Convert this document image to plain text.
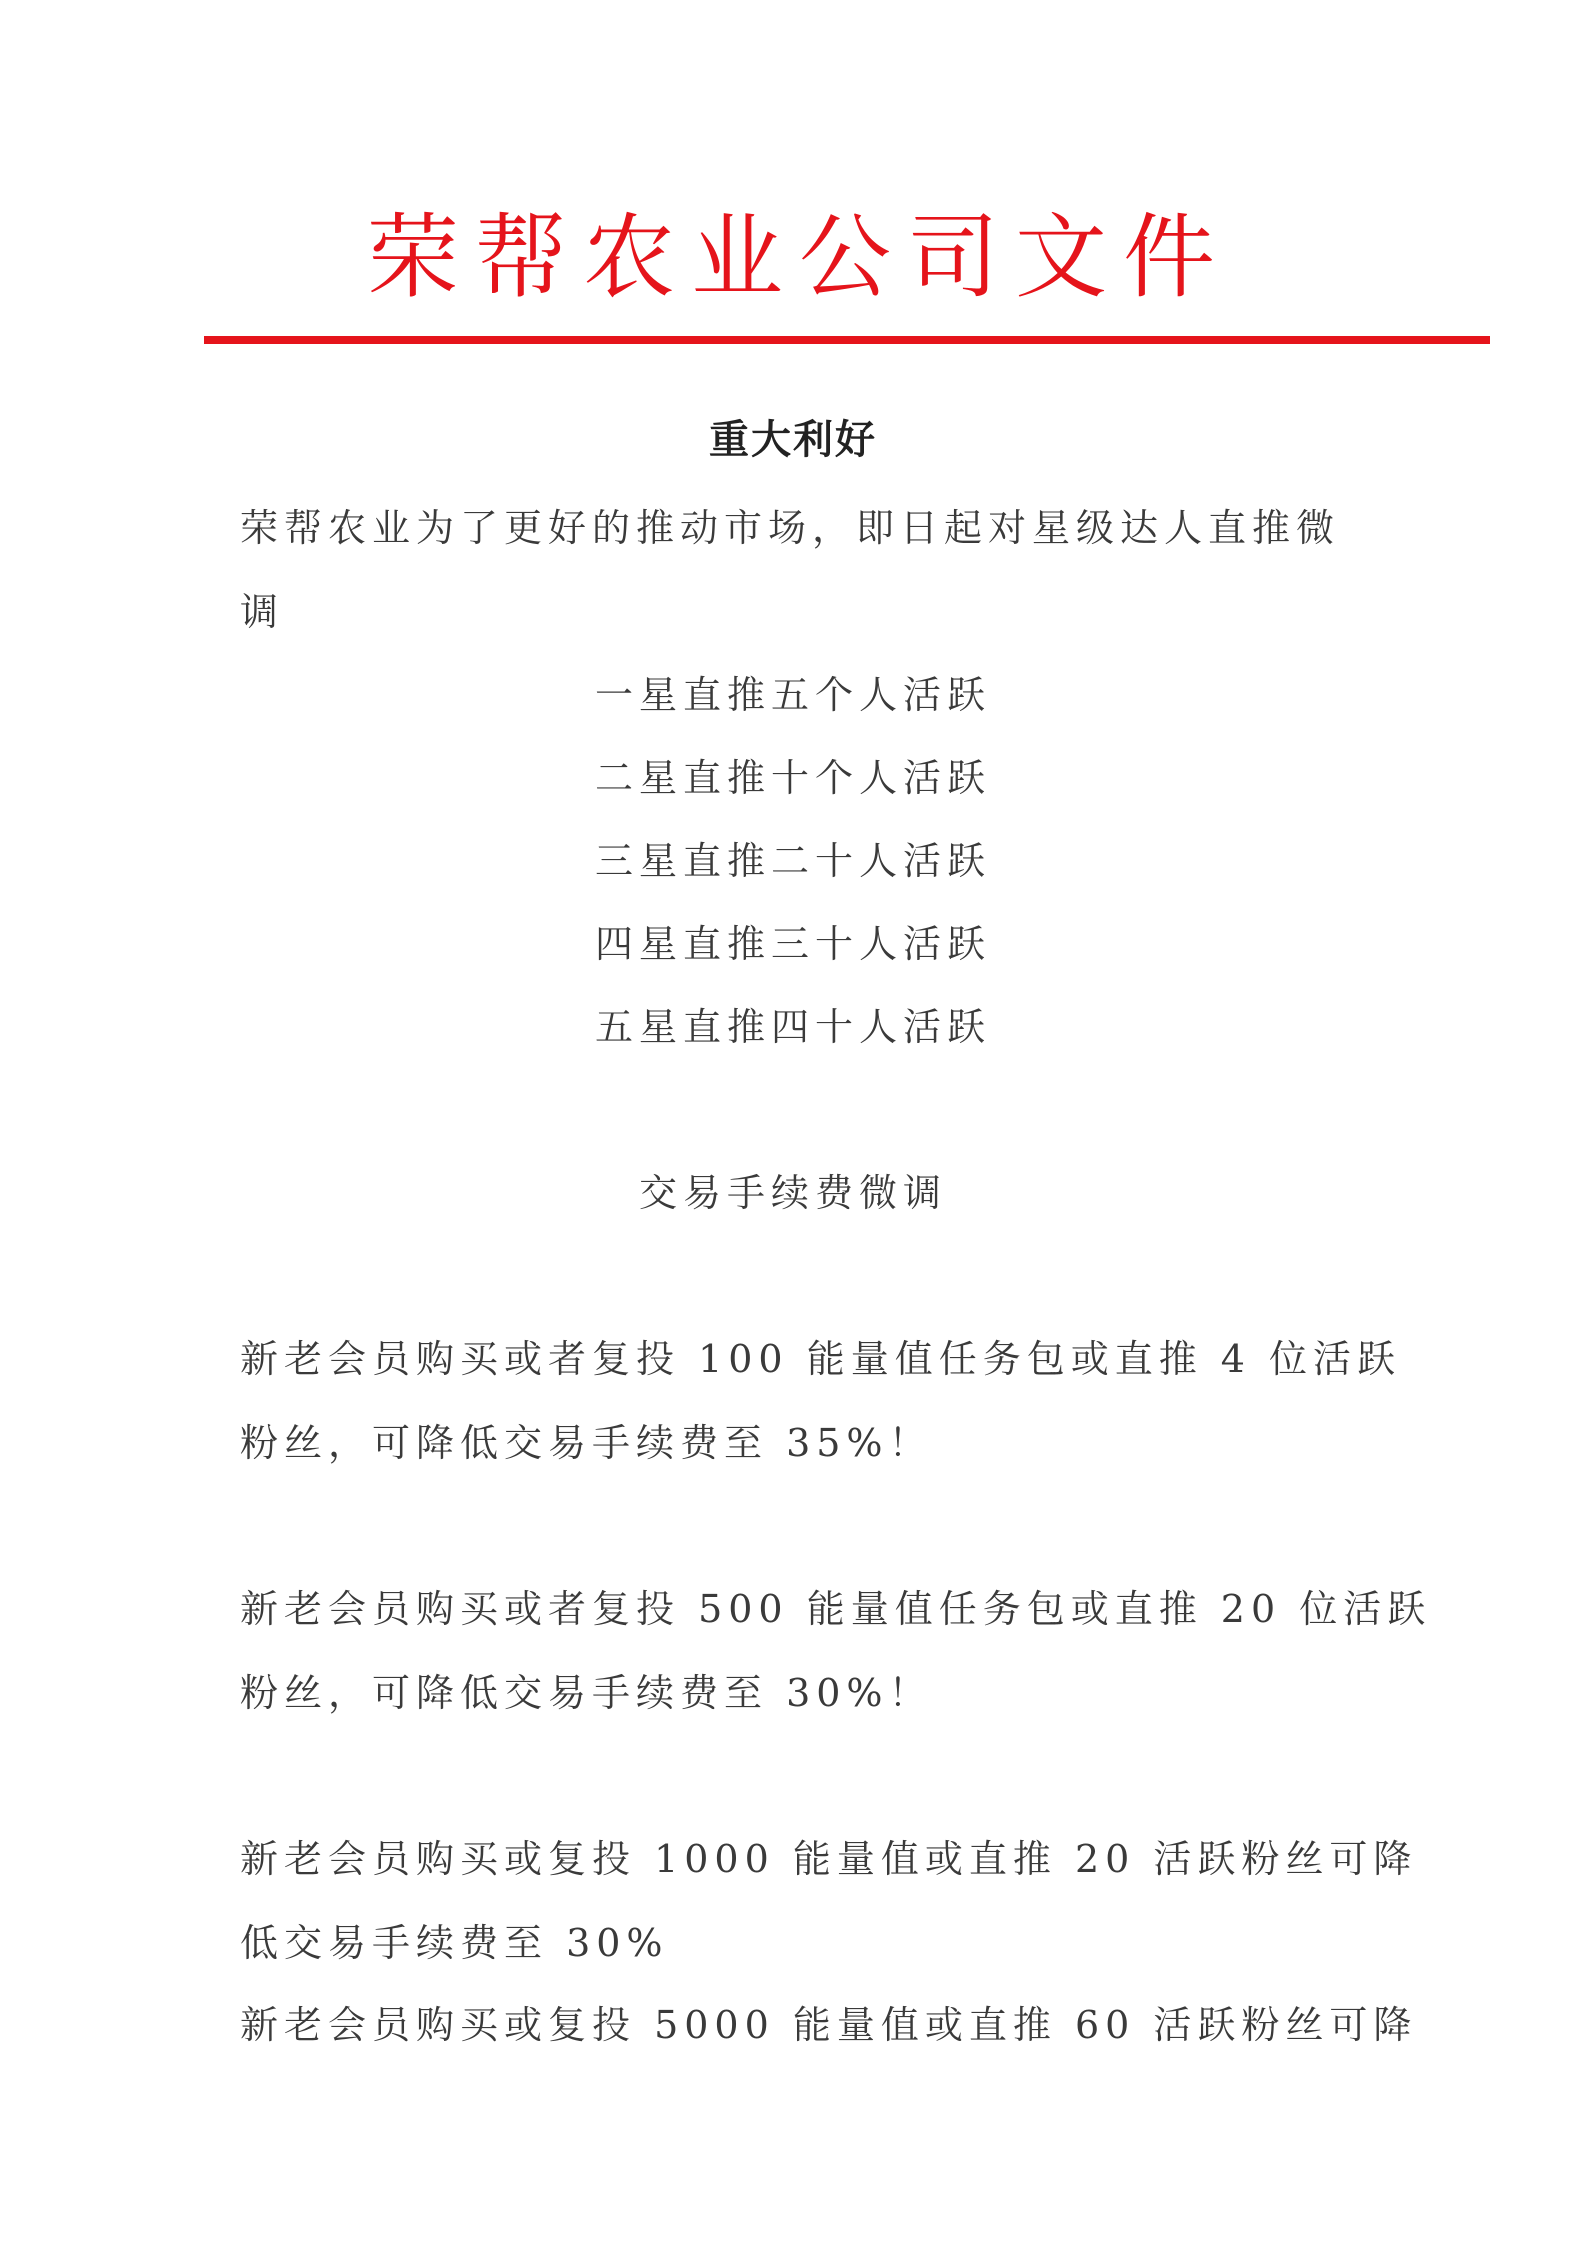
荣帮农业公司文件
重大利好
荣帮农业为了更好的推动市场，即日起对星级达人直推微
调
一星直推五个人活跃
二星直推十个人活跃
三星直推二十人活跃
四星直推三十人活跃
五星直推四十人活跃
交易手续费微调
新老会员购买或者复投 100 能量值任务包或直推 4 位活跃
粉丝，可降低交易手续费至 35%！
新老会员购买或者复投 500 能量值任务包或直推 20 位活跃
粉丝，可降低交易手续费至 30%！
新老会员购买或复投 1000 能量值或直推 20 活跃粉丝可降
低交易手续费至 30%
新老会员购买或复投 5000 能量值或直推 60 活跃粉丝可降
